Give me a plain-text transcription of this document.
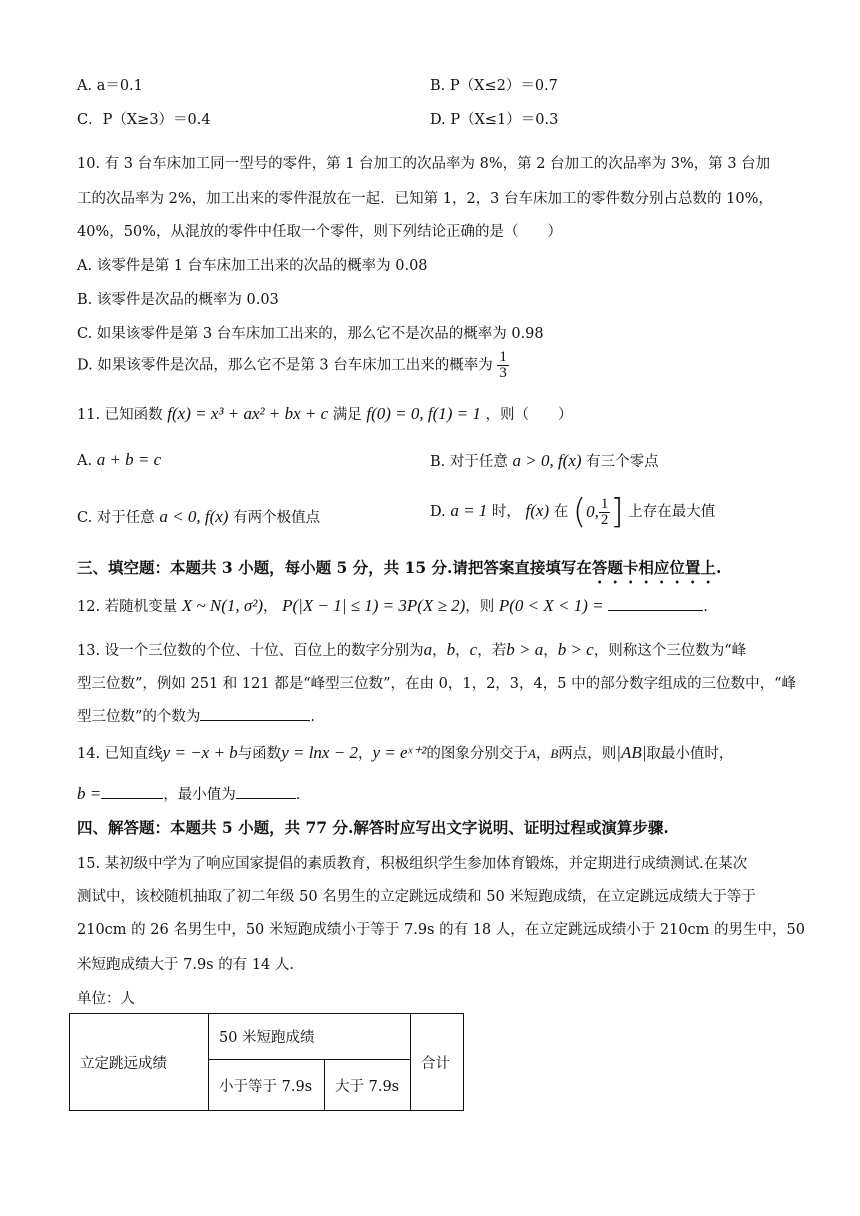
A. a＝0.1	B. P（X≤2）＝0.7
C．P（X≥3）＝0.4	D. P（X≤1）＝0.3
10. 有 3 台车床加工同一型号的零件，第 1 台加工的次品率为 8%，第 2 台加工的次品率为 3%，第 3 台加
工的次品率为 2%，加工出来的零件混放在一起．已知第 1，2，3 台车床加工的零件数分别占总数的 10%，
40%，50%，从混放的零件中任取一个零件，则下列结论正确的是（　　）
A. 该零件是第 1 台车床加工出来的次品的概率为 0.08
B. 该零件是次品的概率为 0.03
C. 如果该零件是第 3 台车床加工出来的，那么它不是次品的概率为 0.98
D. 如果该零件是次品，那么它不是第 3 台车床加工出来的概率为 $\frac{1}{3}$
11. 已知函数 f(x) = x³ + ax² + bx + c 满足 f(0) = 0, f(1) = 1 ，则（　　）
A. a + b = c	B. 对于任意 a > 0, f(x) 有三个零点
C. 对于任意 a < 0, f(x) 有两个极值点	D. a = 1 时， f(x) 在 (0, $\frac{1}{2}$ ] 上存在最大值
三、填空题：本题共 3 小题，每小题 5 分，共 15 分.请把答案直接填写在答题卡相应位置上.
12. 若随机变量 X ~ N(1, σ²)， P(|X − 1| ≤ 1) = 3P(X ≥ 2)，则 P(0 < X < 1) =	.
13. 设一个三位数的个位、十位、百位上的数字分别为a，b，c，若b > a，b > c，则称这个三位数为“峰
型三位数”，例如 251 和 121 都是“峰型三位数”，在由 0，1，2，3，4，5 中的部分数字组成的三位数中，“峰
型三位数”的个数为	.
14. 已知直线y = −x + b与函数y = lnx − 2，y = eˣ⁺²的图象分别交于A，B两点，则|AB|取最小值时，
b =	，最小值为	.
四、解答题：本题共 5 小题，共 77 分.解答时应写出文字说明、证明过程或演算步骤.
15. 某初级中学为了响应国家提倡的素质教育，积极组织学生参加体育锻炼，并定期进行成绩测试.在某次
测试中，该校随机抽取了初二年级 50 名男生的立定跳远成绩和 50 米短跑成绩，在立定跳远成绩大于等于
210cm 的 26 名男生中，50 米短跑成绩小于等于 7.9s 的有 18 人，在立定跳远成绩小于 210cm 的男生中，50
米短跑成绩大于 7.9s 的有 14 人.
单位：人
立定跳远成绩	50 米短跑成绩		合计
	小于等于 7.9s	大于 7.9s	
